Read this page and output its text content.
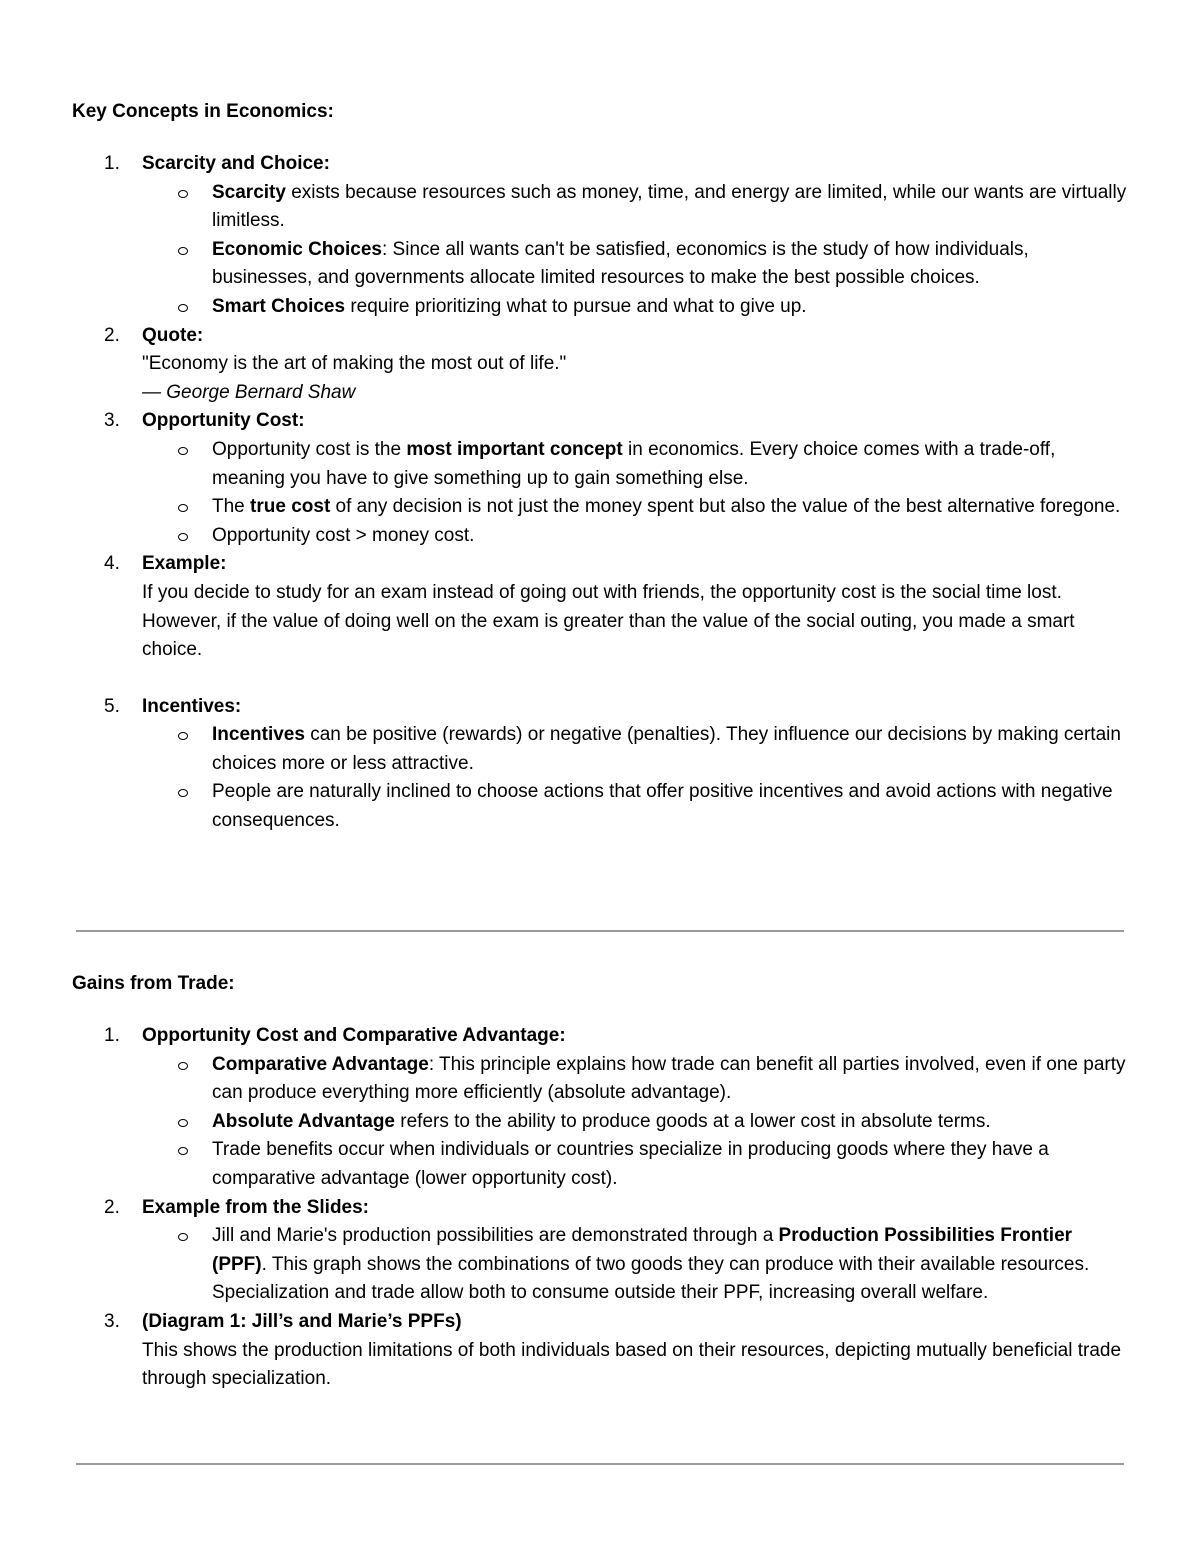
Key Concepts in Economics:
1. Scarcity and Choice:
Scarcity exists because resources such as money, time, and energy are limited, while our wants are virtually limitless.
Economic Choices: Since all wants can't be satisfied, economics is the study of how individuals, businesses, and governments allocate limited resources to make the best possible choices.
Smart Choices require prioritizing what to pursue and what to give up.
2. Quote:
"Economy is the art of making the most out of life."
— George Bernard Shaw
3. Opportunity Cost:
Opportunity cost is the most important concept in economics. Every choice comes with a trade-off, meaning you have to give something up to gain something else.
The true cost of any decision is not just the money spent but also the value of the best alternative foregone.
Opportunity cost > money cost.
4. Example:
If you decide to study for an exam instead of going out with friends, the opportunity cost is the social time lost. However, if the value of doing well on the exam is greater than the value of the social outing, you made a smart choice.
5. Incentives:
Incentives can be positive (rewards) or negative (penalties). They influence our decisions by making certain choices more or less attractive.
People are naturally inclined to choose actions that offer positive incentives and avoid actions with negative consequences.
Gains from Trade:
1. Opportunity Cost and Comparative Advantage:
Comparative Advantage: This principle explains how trade can benefit all parties involved, even if one party can produce everything more efficiently (absolute advantage).
Absolute Advantage refers to the ability to produce goods at a lower cost in absolute terms.
Trade benefits occur when individuals or countries specialize in producing goods where they have a comparative advantage (lower opportunity cost).
2. Example from the Slides:
Jill and Marie's production possibilities are demonstrated through a Production Possibilities Frontier (PPF). This graph shows the combinations of two goods they can produce with their available resources. Specialization and trade allow both to consume outside their PPF, increasing overall welfare.
3. (Diagram 1: Jill’s and Marie’s PPFs)
This shows the production limitations of both individuals based on their resources, depicting mutually beneficial trade through specialization.
